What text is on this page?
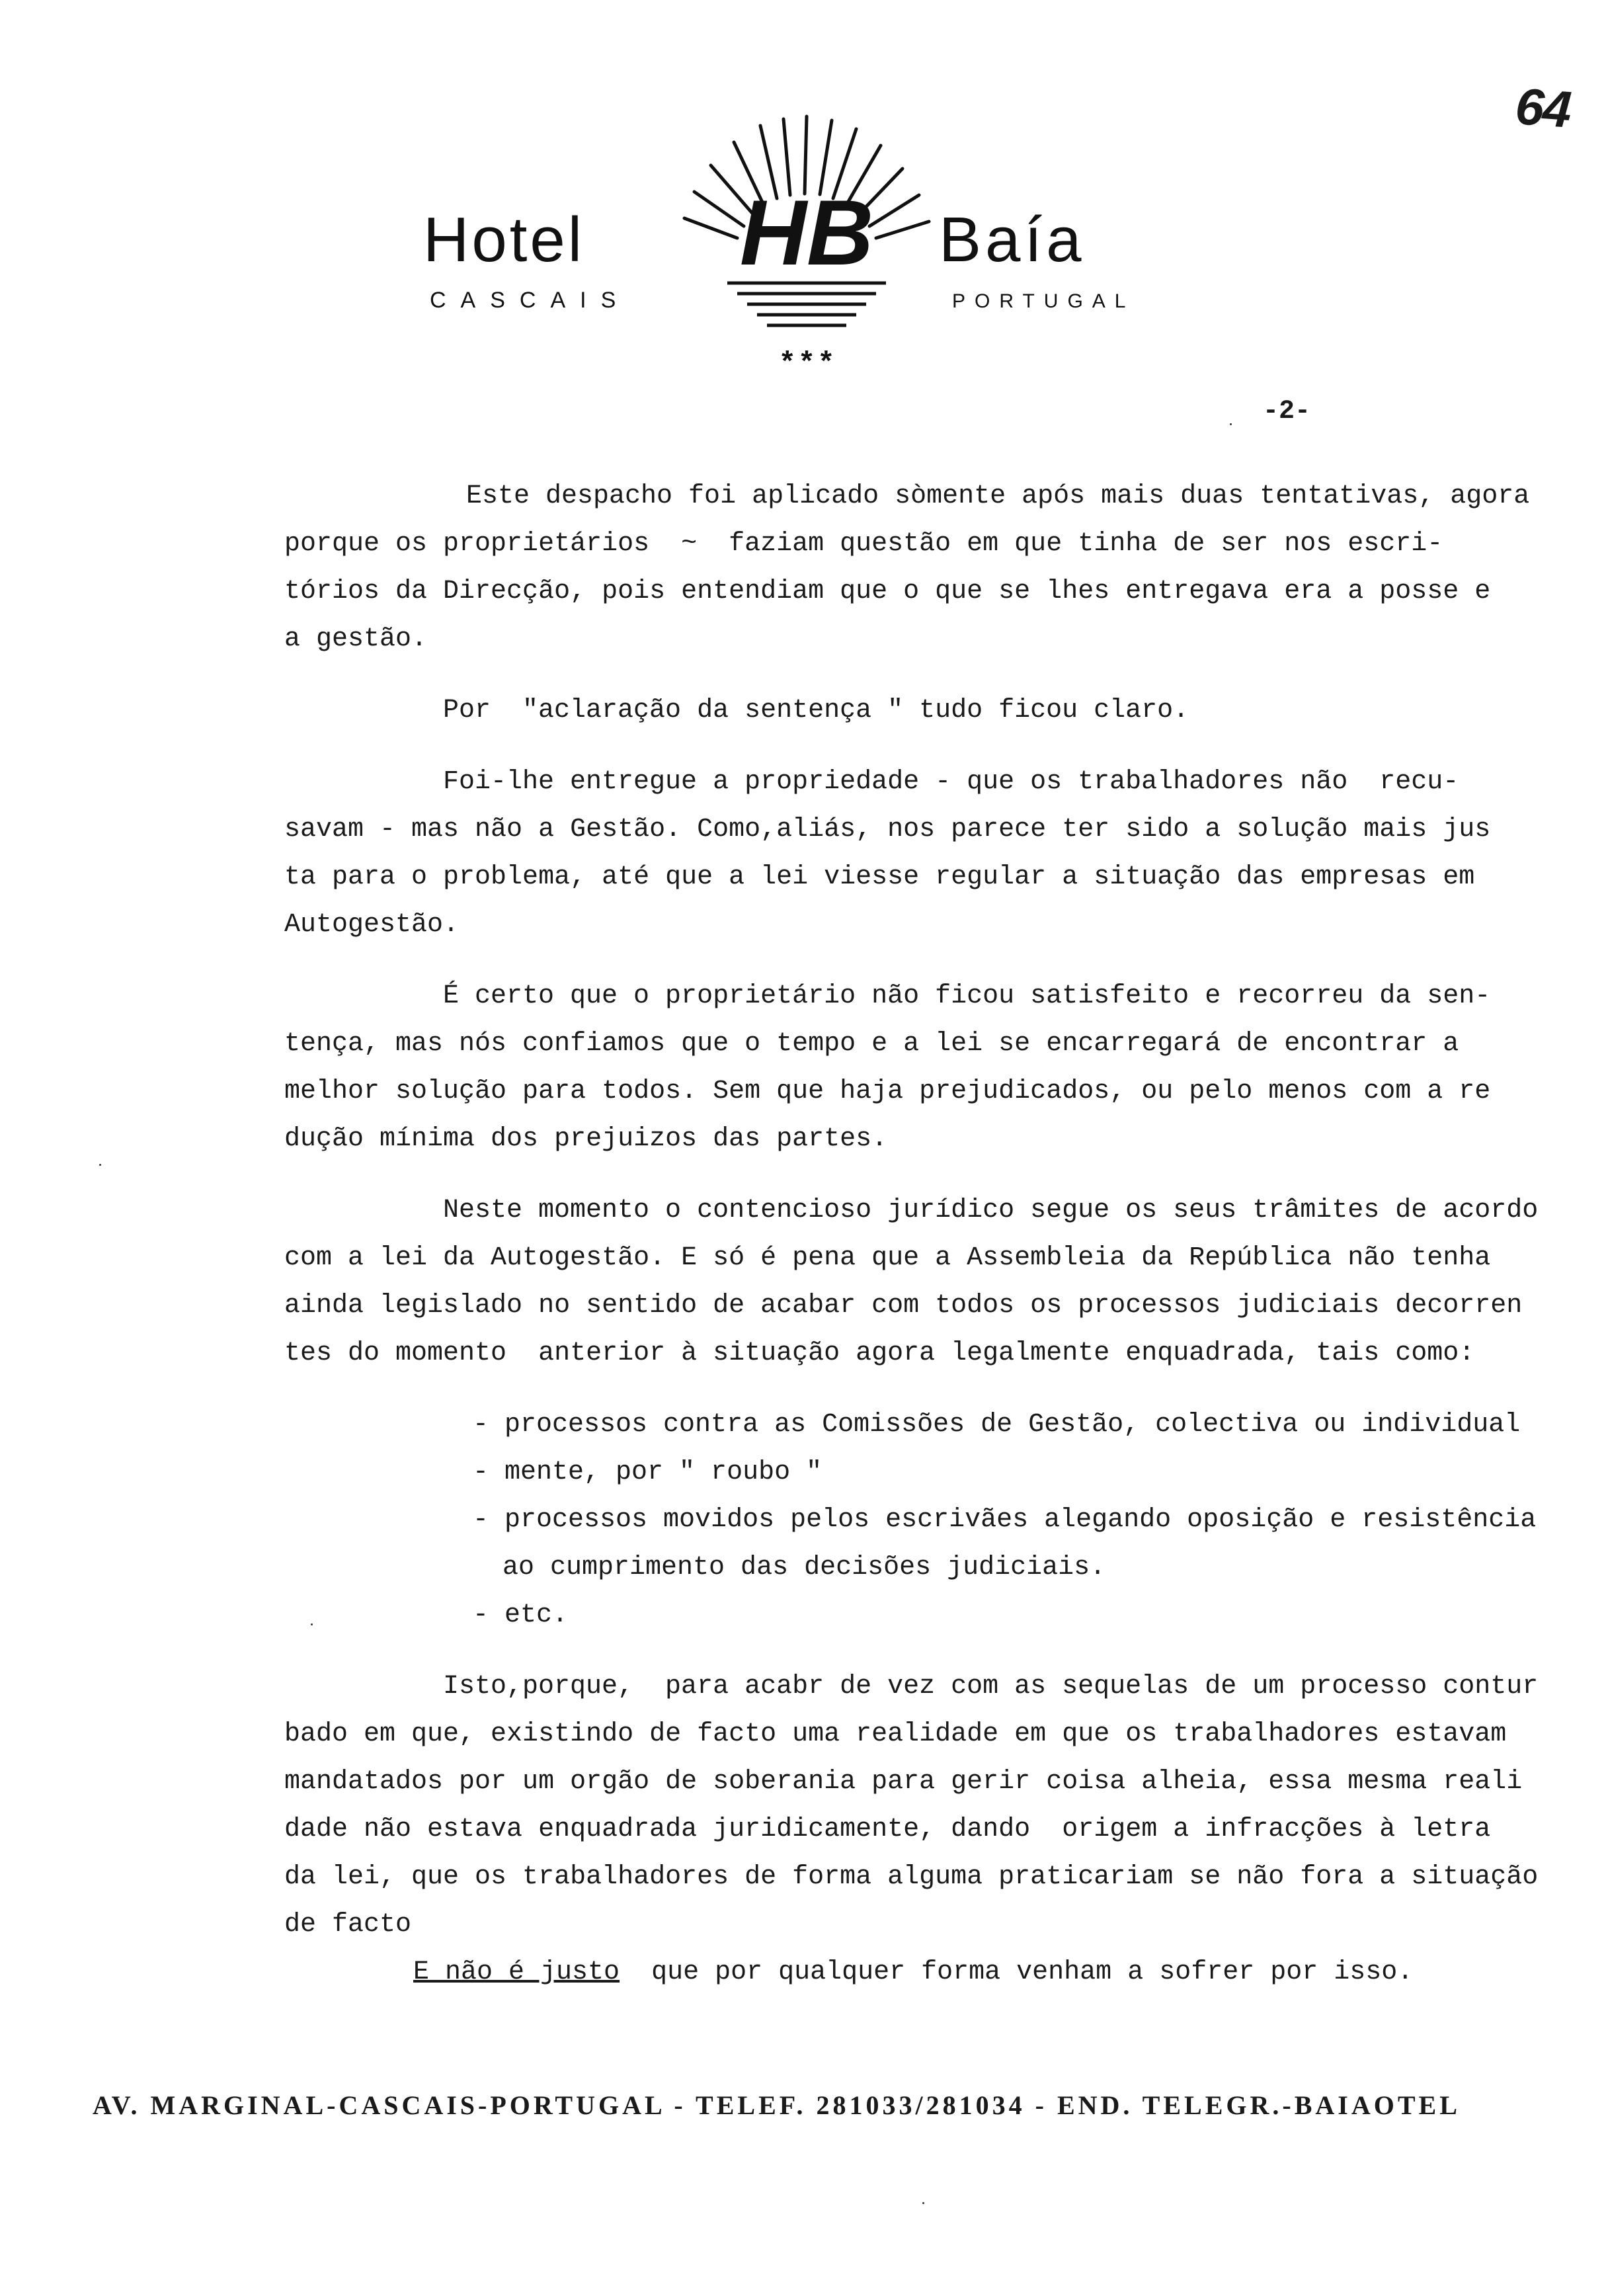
64
HB
Hotel	Baía
CASCAIS	PORTUGAL
* * *
-2-
Este despacho foi aplicado sòmente após mais duas tentativas, agora
porque os proprietários  ~  faziam questão em que tinha de ser nos escri-
tórios da Direcção, pois entendiam que o que se lhes entregava era a posse e
a gestão.
Por  "aclaração da sentença " tudo ficou claro.
Foi-lhe entregue a propriedade - que os trabalhadores não  recu-
savam - mas não a Gestão. Como,aliás, nos parece ter sido a solução mais jus
ta para o problema, até que a lei viesse regular a situação das empresas em
Autogestão.
É certo que o proprietário não ficou satisfeito e recorreu da sen-
tença, mas nós confiamos que o tempo e a lei se encarregará de encontrar a
melhor solução para todos. Sem que haja prejudicados, ou pelo menos com a re
dução mínima dos prejuizos das partes.
Neste momento o contencioso jurídico segue os seus trâmites de acordo
com a lei da Autogestão. E só é pena que a Assembleia da República não tenha
ainda legislado no sentido de acabar com todos os processos judiciais decorren
tes do momento  anterior à situação agora legalmente enquadrada, tais como:
- processos contra as Comissões de Gestão, colectiva ou individual
- mente, por " roubo "
- processos movidos pelos escrivães alegando oposição e resistência
ao cumprimento das decisões judiciais.
- etc.
Isto,porque,  para acabr de vez com as sequelas de um processo contur
bado em que, existindo de facto uma realidade em que os trabalhadores estavam
mandatados por um orgão de soberania para gerir coisa alheia, essa mesma reali
dade não estava enquadrada juridicamente, dando  origem a infracções à letra
da lei, que os trabalhadores de forma alguma praticariam se não fora a situação
de facto
E não é justo  que por qualquer forma venham a sofrer por isso.
AV. MARGINAL-CASCAIS-PORTUGAL - TELEF. 281033/281034 - END. TELEGR.-BAIAOTEL
